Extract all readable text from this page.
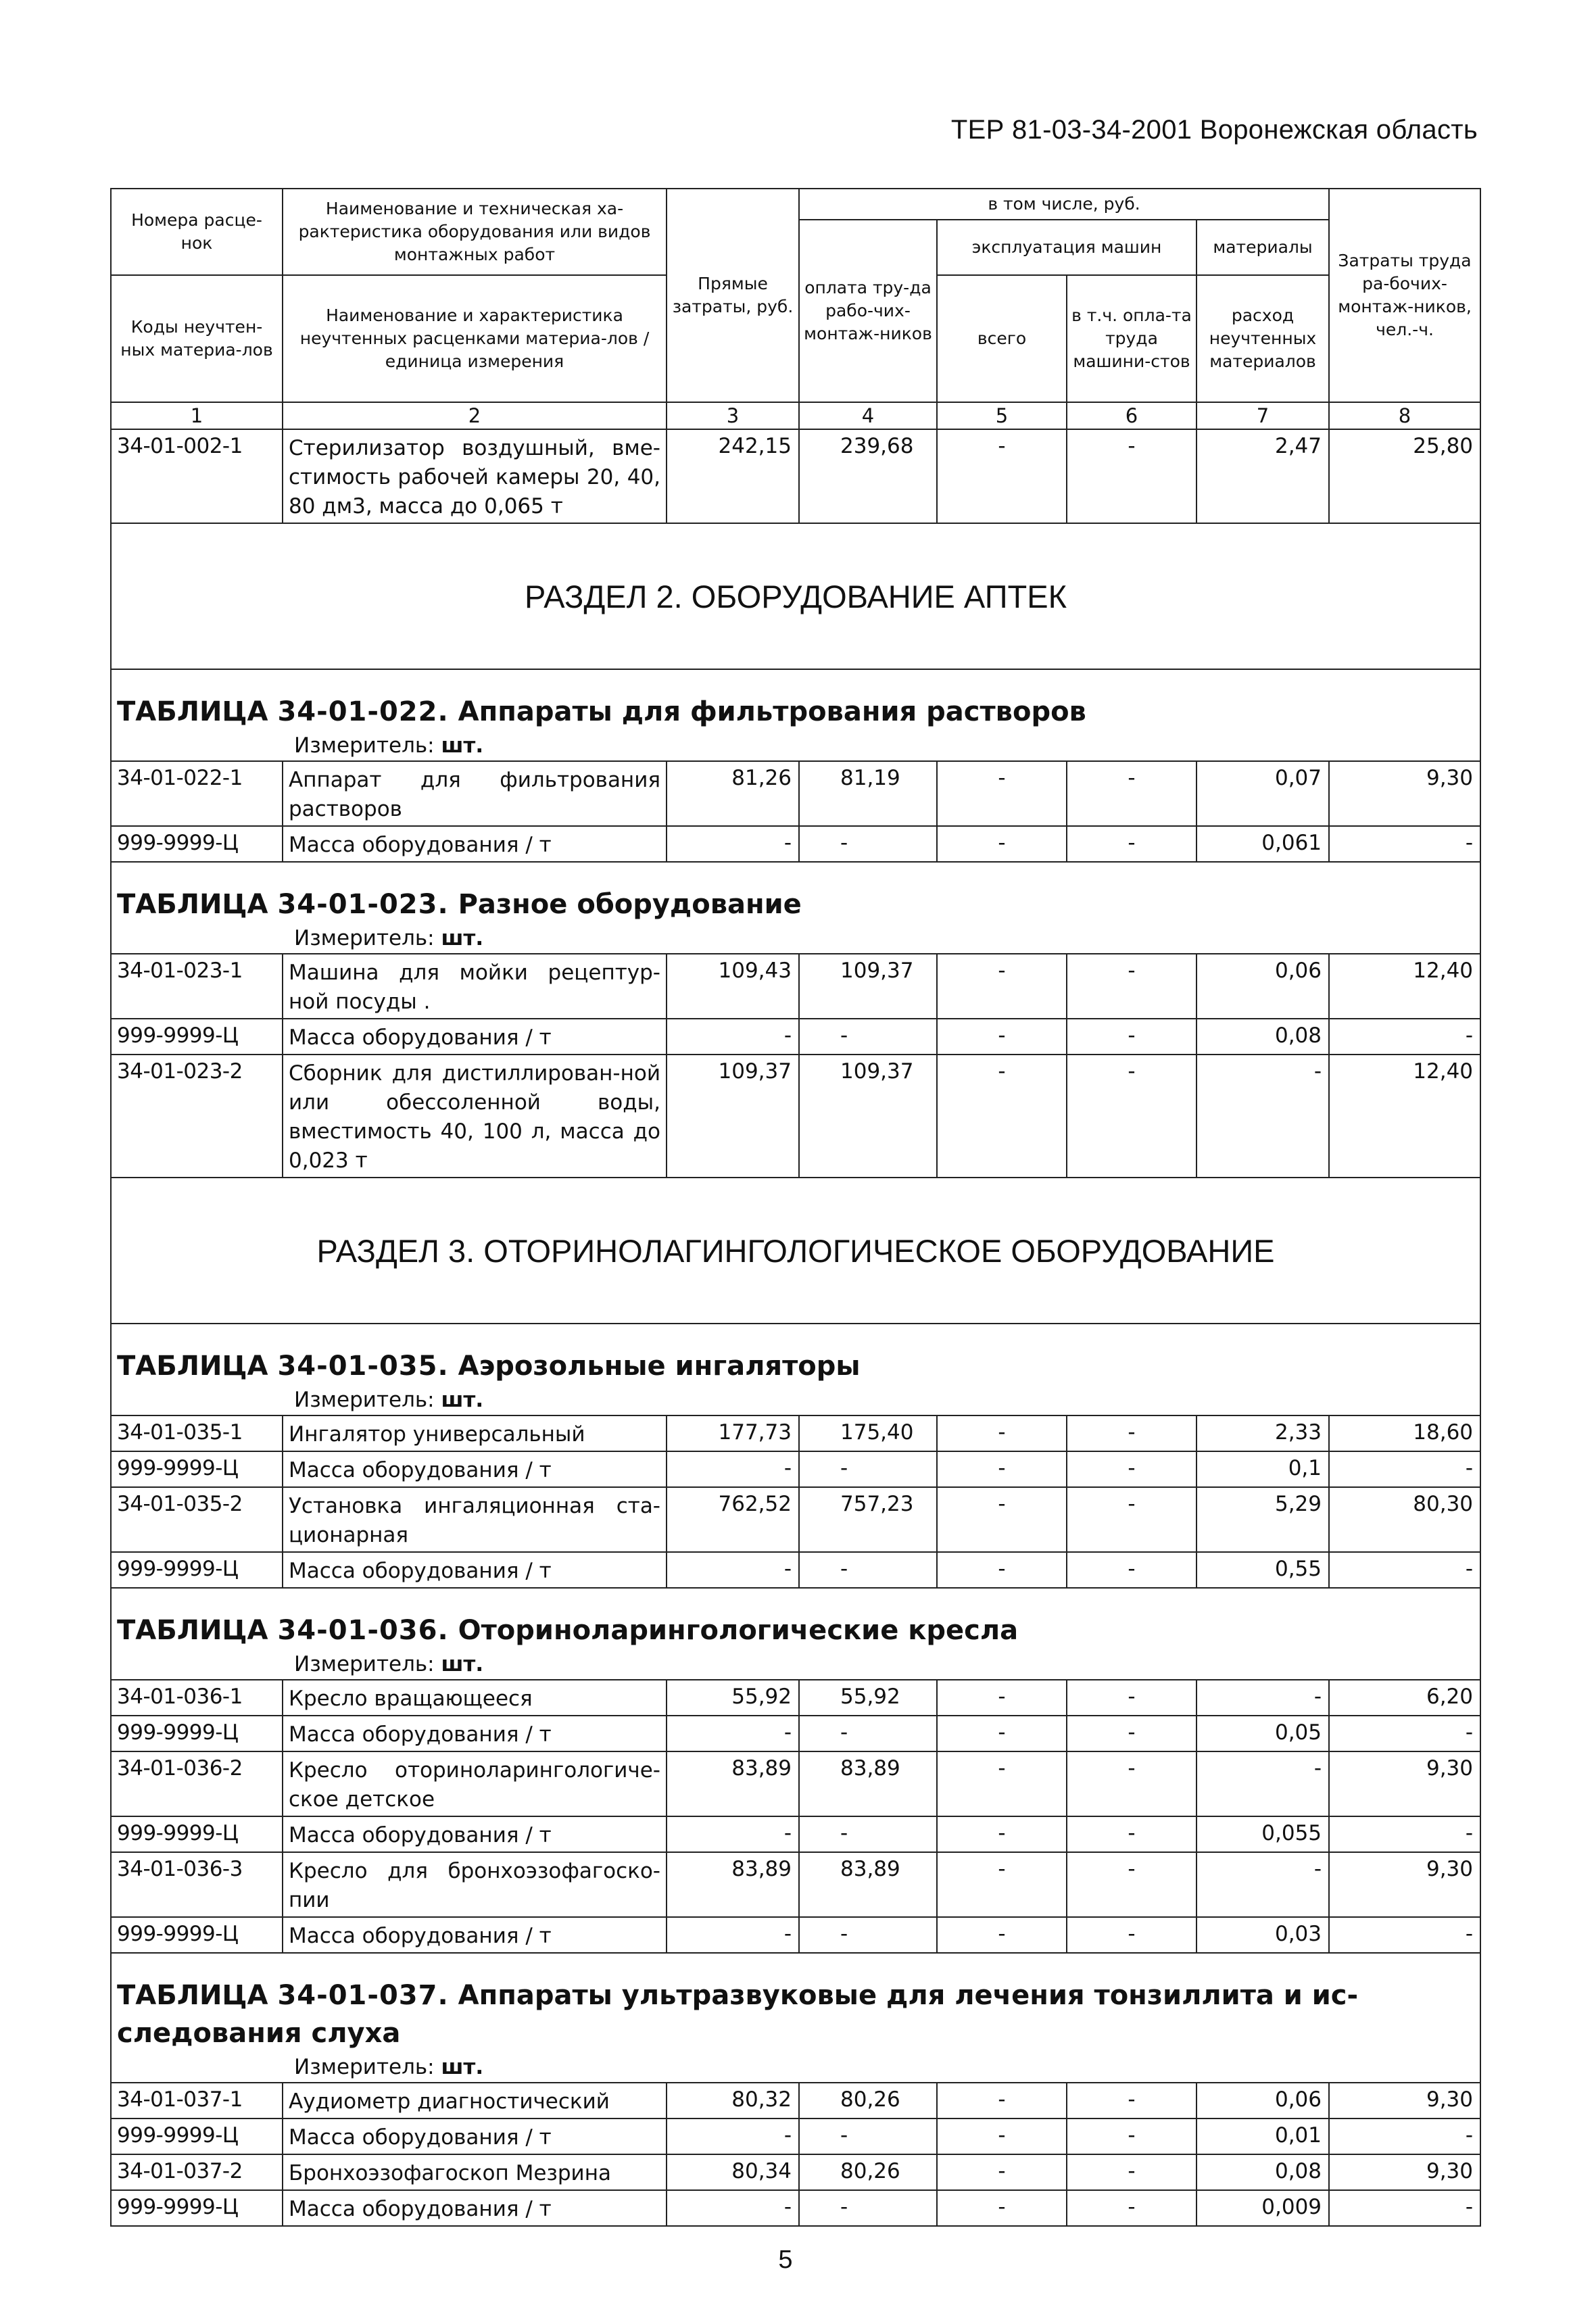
ТЕР 81-03-34-2001 Воронежская область
Номера расце-нок	Наименование и техническая ха-рактеристика оборудования или видов монтажных работ	Прямые затраты, руб.	в том числе, руб.				Затраты труда ра-бочих-монтаж-ников, чел.-ч.
			оплата тру-да рабо-чих-монтаж-ников	эксплуатация машин		материалы	
Коды неучтен-ных материа-лов	Наименование и характеристика неучтенных расценками материа-лов / единица измерения			всего	в т.ч. опла-та труда машини-стов	расход неучтенных материалов	

1	2	3	4	5	6	7	8
34-01-002-1	Стерилизатор воздушный, вме-стимость рабочей камеры 20, 40, 80 дм3, масса до 0,065 т	242,15	239,68	-	-	2,47	25,80
РАЗДЕЛ 2. ОБОРУДОВАНИЕ АПТЕК							
ТАБЛИЦА 34-01-022. Аппараты для фильтрования растворов							
Измеритель: шт.							
34-01-022-1	Аппарат для фильтрования растворов	81,26	81,19	-	-	0,07	9,30
999-9999-Ц	Масса оборудования / т	-	-	-	-	0,061	-
ТАБЛИЦА 34-01-023. Разное оборудование							
Измеритель: шт.							
34-01-023-1	Машина для мойки рецептур-ной посуды .	109,43	109,37	-	-	0,06	12,40
999-9999-Ц	Масса оборудования / т	-	-	-	-	0,08	-
34-01-023-2	Сборник для дистиллирован-ной или обессоленной воды, вместимость 40, 100 л, масса до 0,023 т	109,37	109,37	-	-	-	12,40
РАЗДЕЛ 3. ОТОРИНОЛАГИНГОЛОГИЧЕСКОЕ ОБОРУДОВАНИЕ							
ТАБЛИЦА 34-01-035. Аэрозольные ингаляторы							
Измеритель: шт.							
34-01-035-1	Ингалятор универсальный	177,73	175,40	-	-	2,33	18,60
999-9999-Ц	Масса оборудования / т	-	-	-	-	0,1	-
34-01-035-2	Установка ингаляционная ста-ционарная	762,52	757,23	-	-	5,29	80,30
999-9999-Ц	Масса оборудования / т	-	-	-	-	0,55	-
ТАБЛИЦА 34-01-036. Оториноларингологические кресла							
Измеритель: шт.							
34-01-036-1	Кресло вращающееся	55,92	55,92	-	-	-	6,20
999-9999-Ц	Масса оборудования / т	-	-	-	-	0,05	-
34-01-036-2	Кресло оториноларингологиче-ское детское	83,89	83,89	-	-	-	9,30
999-9999-Ц	Масса оборудования / т	-	-	-	-	0,055	-
34-01-036-3	Кресло для бронхоэзофагоско-пии	83,89	83,89	-	-	-	9,30
999-9999-Ц	Масса оборудования / т	-	-	-	-	0,03	-
ТАБЛИЦА 34-01-037. Аппараты ультразвуковые для лечения тонзиллита и ис-следования слуха							
Измеритель: шт.							
34-01-037-1	Аудиометр диагностический	80,32	80,26	-	-	0,06	9,30
999-9999-Ц	Масса оборудования / т	-	-	-	-	0,01	-
34-01-037-2	Бронхоэзофагоскоп Мезрина	80,34	80,26	-	-	0,08	9,30
999-9999-Ц	Масса оборудования / т	-	-	-	-	0,009	-
5
